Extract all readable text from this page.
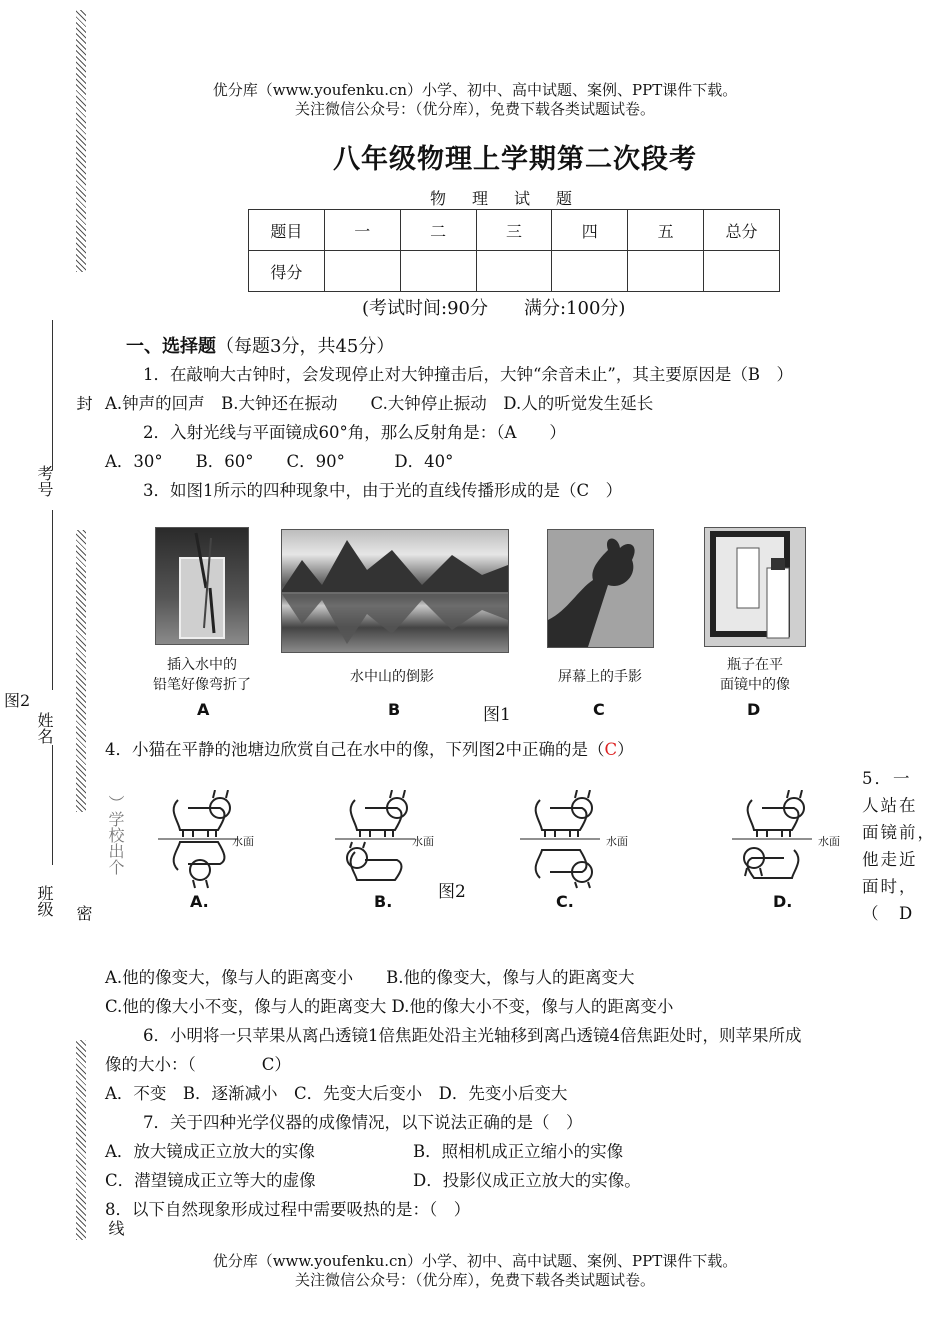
优分库（www.youfenku.cn）小学、初中、高中试题、案例、PPT课件下载。
关注微信公众号：（优分库），免费下载各类试题试卷。
封
考号
图2
姓名
班级 密
）学校出个
线
八年级物理上学期第二次段考
物理试题
题目	一	二	三	四	五	总分
得分						
(考试时间:90分　　满分:100分)
一、选择题（每题3分，共45分）
1．在敲响大古钟时，会发现停止对大钟撞击后，大钟“余音未止”，其主要原因是（B　）
A.钟声的回声　B.大钟还在振动　　C.大钟停止振动　D.人的听觉发生延长
2．入射光线与平面镜成60°角，那么反射角是：（A　　）
A．30°　　B．60°　　C．90°　　　D．40°
3．如图1所示的四种现象中，由于光的直线传播形成的是（C　）
插入水中的
铅笔好像弯折了	水中山的倒影	屏幕上的手影
瓶子在平
面镜中的像
A	B	图1	C	D
4．小猫在平静的池塘边欣赏自己在水中的像，下列图2中正确的是（C）
水面
A.
水面
B.
水面
C.
图2
水面
D.
5．一
人站在
面镜前，
他走近
面时，
（　D
A.他的像变大，像与人的距离变小　　B.他的像变大，像与人的距离变大
C.他的像大小不变，像与人的距离变大 D.他的像大小不变，像与人的距离变小
6．小明将一只苹果从离凸透镜1倍焦距处沿主光轴移到离凸透镜4倍焦距处时，则苹果所成
像的大小：（　　　　C）
A．不变　B．逐渐减小　C．先变大后变小　D．先变小后变大
7．关于四种光学仪器的成像情况，以下说法正确的是（　）
A．放大镜成正立放大的实像	B．照相机成正立缩小的实像
C．潜望镜成正立等大的虚像	D．投影仪成正立放大的实像。
8．以下自然现象形成过程中需要吸热的是：（　）
优分库（www.youfenku.cn）小学、初中、高中试题、案例、PPT课件下载。
关注微信公众号：（优分库），免费下载各类试题试卷。
